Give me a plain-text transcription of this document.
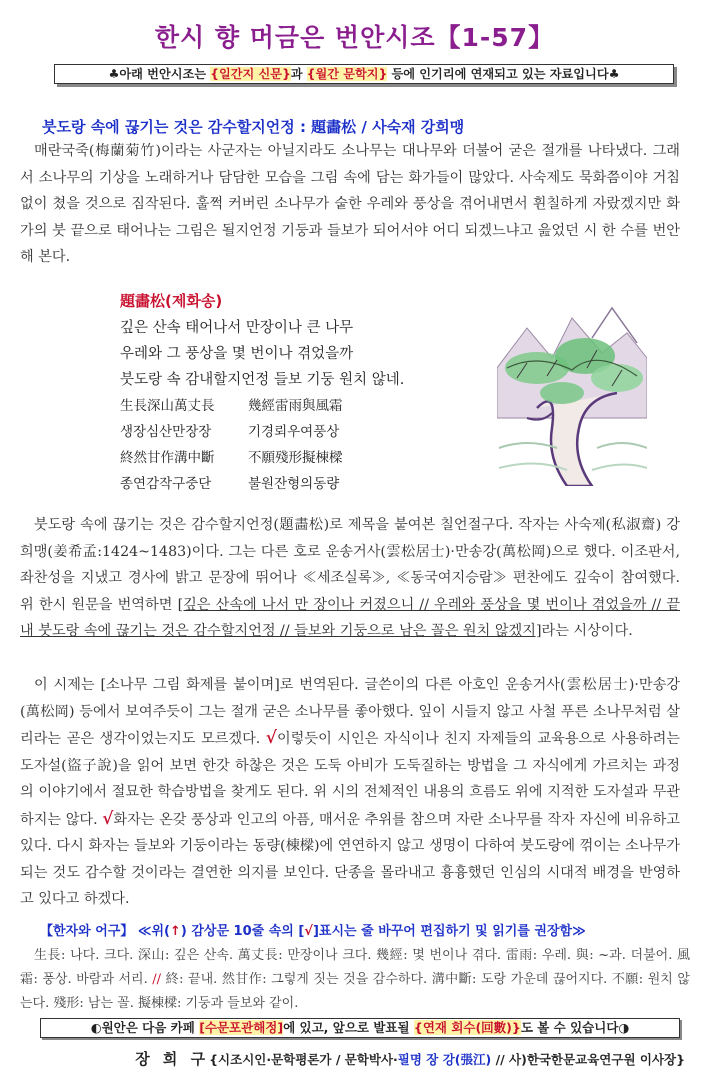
한시 향 머금은 번안시조【1-57】
♣아래 번안시조는 {일간지 신문}과 {월간 문학지} 등에 인기리에 연재되고 있는 자료입니다♣
붓도랑 속에 끊기는 것은 감수할지언정 : 題畵松 / 사숙재 강희맹
매란국죽(梅蘭菊竹)이라는 사군자는 아닐지라도 소나무는 대나무와 더불어 굳은 절개를 나타냈다. 그래서 소나무의 기상을 노래하거나 담담한 모습을 그림 속에 담는 화가들이 많았다. 사숙제도 묵화쯤이야 거침없이 쳤을 것으로 짐작된다. 훌쩍 커버린 소나무가 숱한 우레와 풍상을 겪어내면서 휜칠하게 자랐겠지만 화가의 붓 끝으로 태어나는 그림은 될지언정 기둥과 들보가 되어서야 어디 되겠느냐고 읊었던 시 한 수를 번안해 본다.
題畵松(제화송)
깊은 산속 태어나서 만장이나 큰 나무
우레와 그 풍상을 몇 번이나 겪었을까
붓도랑 속 감내할지언정 들보 기둥 원치 않네.
生長深山萬丈長	幾經雷雨與風霜
생장심산만장장	기경뢰우여풍상
終然甘作溝中斷	不願殘形擬棟樑
종연감작구중단	불원잔형의동량
붓도랑 속에 끊기는 것은 감수할지언정(題畵松)로 제목을 붙여본 칠언절구다. 작자는 사숙제(私淑齋) 강희맹(姜希孟:1424~1483)이다. 그는 다른 호로 운송거사(雲松居士)·만송강(萬松岡)으로 했다. 이조판서, 좌찬성을 지냈고 경사에 밝고 문장에 뛰어나 ≪세조실록≫, ≪동국여지승람≫ 편찬에도 깊숙이 참여했다. 위 한시 원문을 번역하면 [깊은 산속에 나서 만 장이나 커졌으니 // 우레와 풍상을 몇 번이나 겪었을까 // 끝내 붓도랑 속에 끊기는 것은 감수할지언정 // 들보와 기둥으로 남은 꼴은 원치 않겠지]라는 시상이다.
이 시제는 [소나무 그림 화제를 붙이며]로 번역된다. 글쓴이의 다른 아호인 운송거사(雲松居士)·만송강(萬松岡) 등에서 보여주듯이 그는 절개 굳은 소나무를 좋아했다. 잎이 시들지 않고 사철 푸른 소나무처럼 살리라는 곧은 생각이었는지도 모르겠다. √이렇듯이 시인은 자식이나 친지 자제들의 교육용으로 사용하려는 도자설(盜子說)을 읽어 보면 한갓 하찮은 것은 도둑 아비가 도둑질하는 방법을 그 자식에게 가르치는 과정의 이야기에서 절묘한 학습방법을 찾게도 된다. 위 시의 전체적인 내용의 흐름도 위에 지적한 도자설과 무관하지는 않다. √화자는 온갖 풍상과 인고의 아픔, 매서운 추위를 참으며 자란 소나무를 작자 자신에 비유하고 있다. 다시 화자는 들보와 기둥이라는 동량(棟樑)에 연연하지 않고 생명이 다하여 붓도랑에 꺾이는 소나무가 되는 것도 감수할 것이라는 결연한 의지를 보인다. 단종을 몰라내고 흉흉했던 인심의 시대적 배경을 반영하고 있다고 하겠다.
【한자와 어구】 ≪위(↑) 감상문 10줄 속의 [√]표시는 줄 바꾸어 편집하기 및 읽기를 권장함≫
生長: 나다. 크다. 深山: 깊은 산속. 萬丈長: 만장이나 크다. 幾經: 몇 번이나 겪다. 雷雨: 우레. 與: ~과. 더불어. 風霜: 풍상. 바람과 서리. // 終: 끝내. 然甘作: 그렇게 짓는 것을 감수하다. 溝中斷: 도랑 가운데 끊어지다. 不願: 원치 않는다. 殘形: 남는 꼴. 擬棟樑: 기둥과 들보와 같이.
◐원안은 다음 카페 [수문포관해정]에 있고, 앞으로 발표될 {연재 회수(回數)}도 볼 수 있습니다◑
장 희 구{시조시인·문학평론가 / 문학박사·필명 장 강(張江) // 사)한국한문교육연구원 이사장}
